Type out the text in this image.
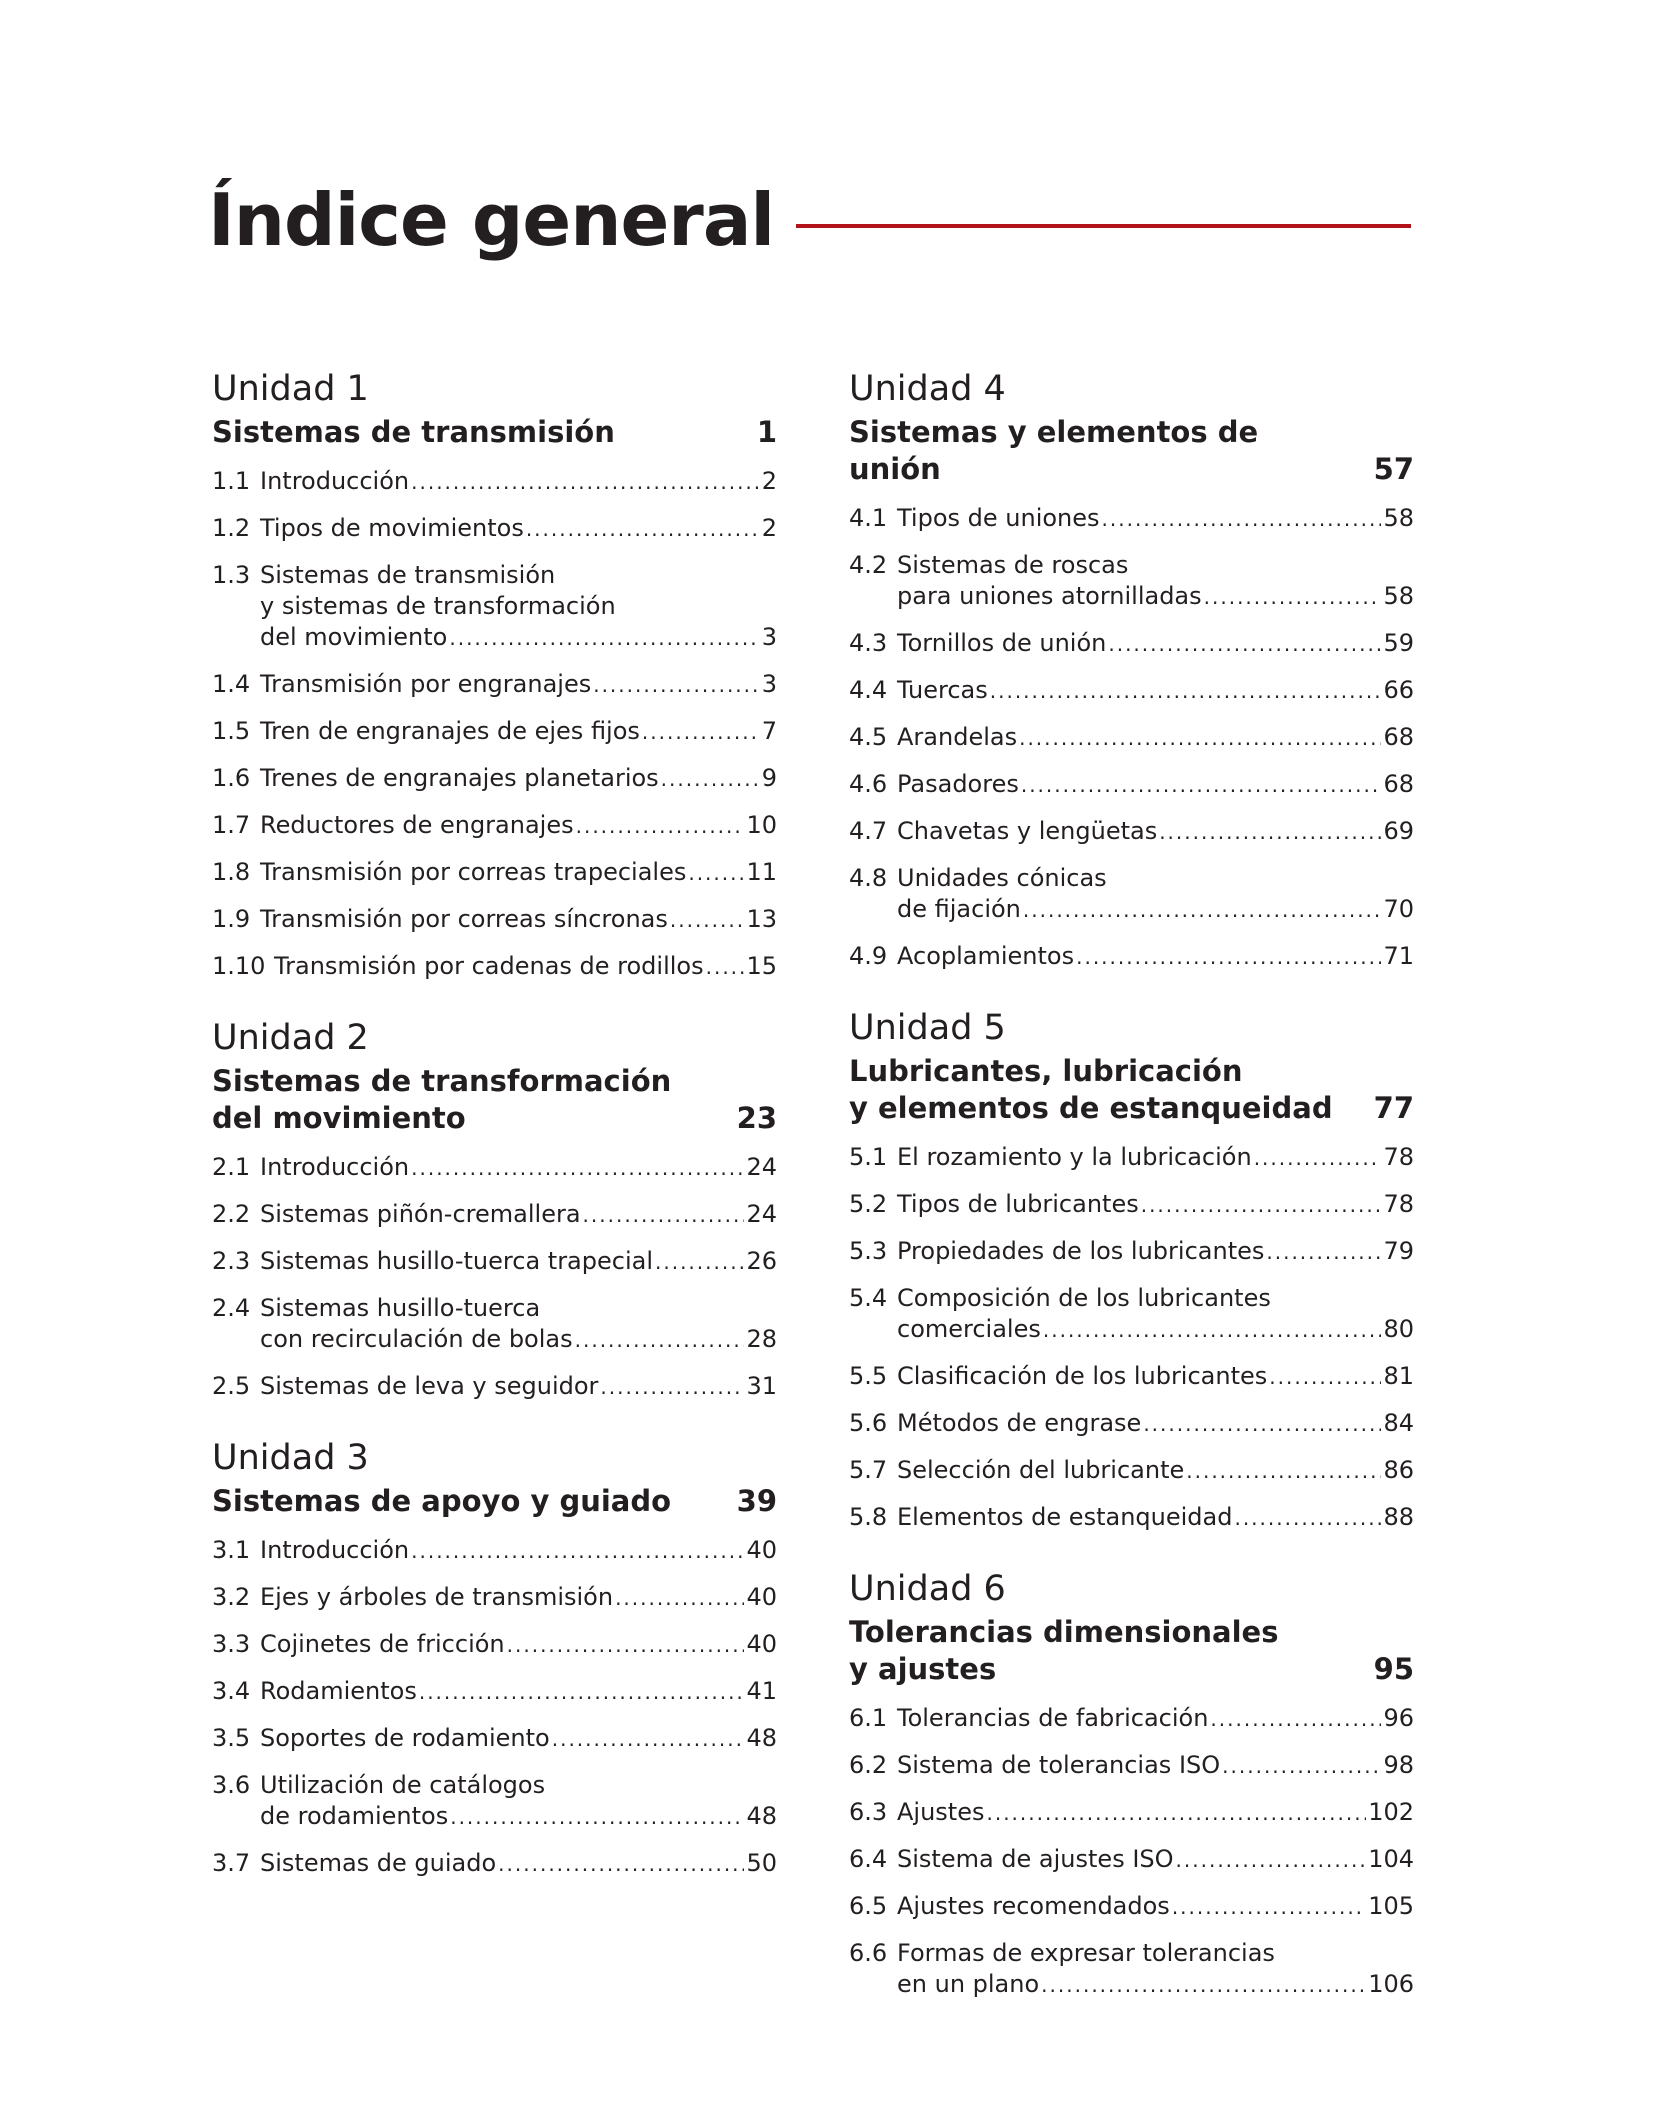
Índice general
Unidad 1
Sistemas de transmisión	1
1.1 Introducción .....	2
1.2 Tipos de movimientos .....	2
1.3 Sistemas de transmisión
y sistemas de transformación
del movimiento .....	3
1.4 Transmisión por engranajes .....	3
1.5 Tren de engranajes de ejes fijos .....	7
1.6 Trenes de engranajes planetarios .....	9
1.7 Reductores de engranajes .....	10
1.8 Transmisión por correas trapeciales .....	11
1.9 Transmisión por correas síncronas .....	13
1.10 Transmisión por cadenas de rodillos ..... 15
Unidad 2
Sistemas de transformación
del movimiento	23
2.1 Introducción .....	24
2.2 Sistemas piñón-cremallera .....	24
2.3 Sistemas husillo-tuerca trapecial .....	26
2.4 Sistemas husillo-tuerca
con recirculación de bolas .....	28
2.5 Sistemas de leva y seguidor .....	31
Unidad 3
Sistemas de apoyo y guiado	39
3.1 Introducción .....	40
3.2 Ejes y árboles de transmisión .....	40
3.3 Cojinetes de fricción .....	40
3.4 Rodamientos .....	41
3.5 Soportes de rodamiento .....	48
3.6 Utilización de catálogos
de rodamientos .....	48
3.7 Sistemas de guiado .....	50
Unidad 4
Sistemas y elementos de unión	57
4.1 Tipos de uniones .....	58
4.2 Sistemas de roscas
para uniones atornilladas .....	58
4.3 Tornillos de unión .....	59
4.4 Tuercas .....	66
4.5 Arandelas .....	68
4.6 Pasadores .....	68
4.7 Chavetas y lengüetas .....	69
4.8 Unidades cónicas
de fijación .....	70
4.9 Acoplamientos .....	71
Unidad 5
Lubricantes, lubricación
y elementos de estanqueidad	77
5.1 El rozamiento y la lubricación .....	78
5.2 Tipos de lubricantes .....	78
5.3 Propiedades de los lubricantes .....	79
5.4 Composición de los lubricantes
comerciales .....	80
5.5 Clasificación de los lubricantes .....	81
5.6 Métodos de engrase .....	84
5.7 Selección del lubricante .....	86
5.8 Elementos de estanqueidad .....	88
Unidad 6
Tolerancias dimensionales
y ajustes	95
6.1 Tolerancias de fabricación .....	96
6.2 Sistema de tolerancias ISO .....	98
6.3 Ajustes .....	102
6.4 Sistema de ajustes ISO .....	104
6.5 Ajustes recomendados .....	105
6.6 Formas de expresar tolerancias
en un plano .....	106
